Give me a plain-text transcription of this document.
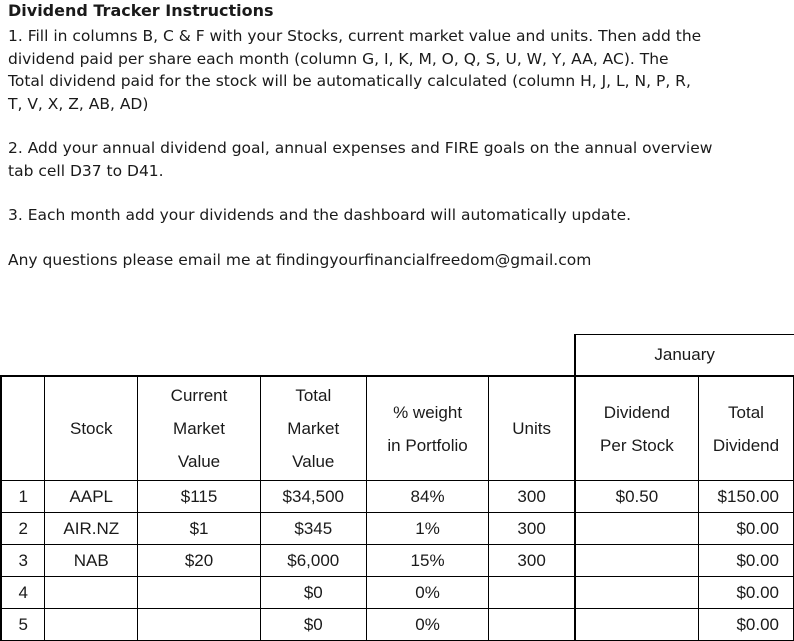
Dividend Tracker Instructions

1. Fill in columns B, C & F with your Stocks, current market value and units. Then add the
dividend paid per share each month (column G, I, K, M, O, Q, S, U, W, Y, AA, AC). The
Total dividend paid for the stock will be automatically calculated (column H, J, L, N, P, R,
T, V, X, Z, AB, AD)

2. Add your annual dividend goal, annual expenses and FIRE goals on the annual overview
tab cell D37 to D41.

3. Each month add your dividends and the dashboard will automatically update.

Any questions please email me at findingyourfinancialfreedom@gmail.com

						January	
	Stock	Current
Market
Value	Total
Market
Value	% weight
in Portfolio	Units	Dividend
Per Stock	Total
Dividend

1	AAPL	$115	$34,500	84%	300	$0.50	$150.00
2	AIR.NZ	$1	$345	1%	300		$0.00
3	NAB	$20	$6,000	15%	300		$0.00
4			$0	0%			$0.00
5			$0	0%			$0.00
